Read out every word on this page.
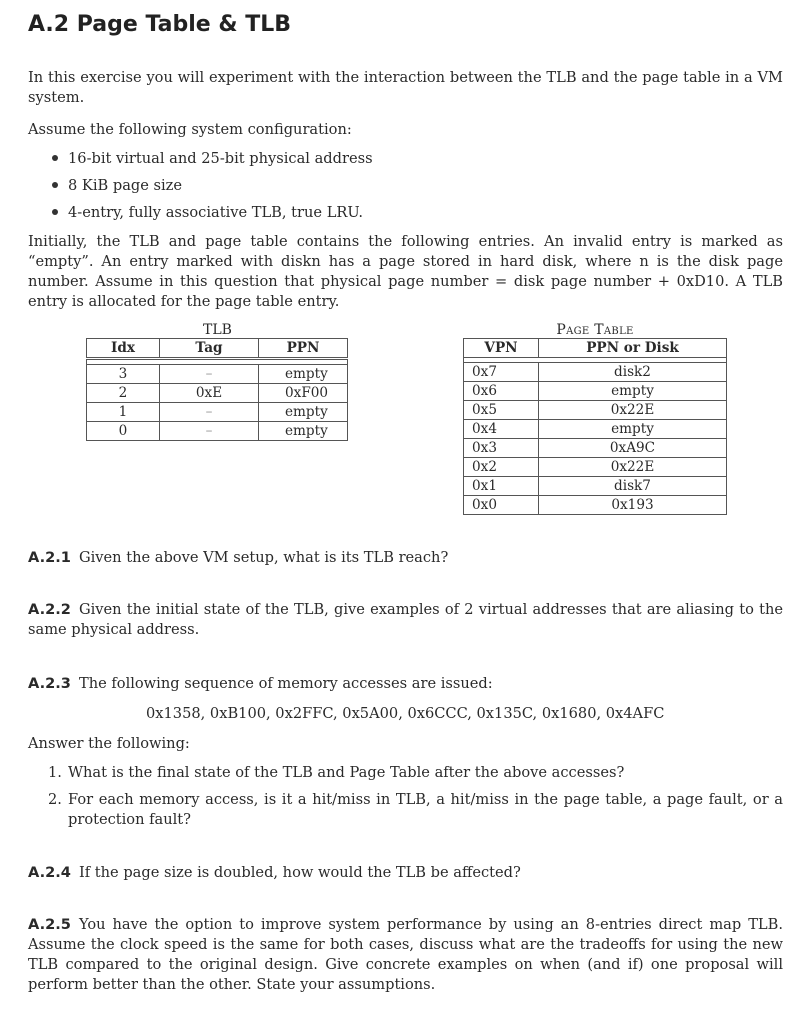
A.2 Page Table & TLB
In this exercise you will experiment with the interaction between the TLB and the page table in a VM system.
Assume the following system configuration:
16-bit virtual and 25-bit physical address
8 KiB page size
4-entry, fully associative TLB, true LRU.
Initially, the TLB and page table contains the following entries. An invalid entry is marked as “empty”. An entry marked with diskn has a page stored in hard disk, where n is the disk page number. Assume in this question that physical page number = disk page number + 0xD10. A TLB entry is allocated for the page table entry.
TLB
Idx	Tag	PPN

3	–	empty
2	0xE	0xF00
1	–	empty
0	–	empty
Page Table
VPN	PPN or Disk

0x7	disk2
0x6	empty
0x5	0x22E
0x4	empty
0x3	0xA9C
0x2	0x22E
0x1	disk7
0x0	0x193
A.2.1 Given the above VM setup, what is its TLB reach?
A.2.2 Given the initial state of the TLB, give examples of 2 virtual addresses that are aliasing to the same physical address.
A.2.3 The following sequence of memory accesses are issued:
0x1358, 0xB100, 0x2FFC, 0x5A00, 0x6CCC, 0x135C, 0x1680, 0x4AFC
Answer the following:
1. What is the final state of the TLB and Page Table after the above accesses?
2. For each memory access, is it a hit/miss in TLB, a hit/miss in the page table, a page fault, or a protection fault?
A.2.4 If the page size is doubled, how would the TLB be affected?
A.2.5 You have the option to improve system performance by using an 8-entries direct map TLB. Assume the clock speed is the same for both cases, discuss what are the tradeoffs for using the new TLB compared to the original design. Give concrete examples on when (and if) one proposal will perform better than the other. State your assumptions.
